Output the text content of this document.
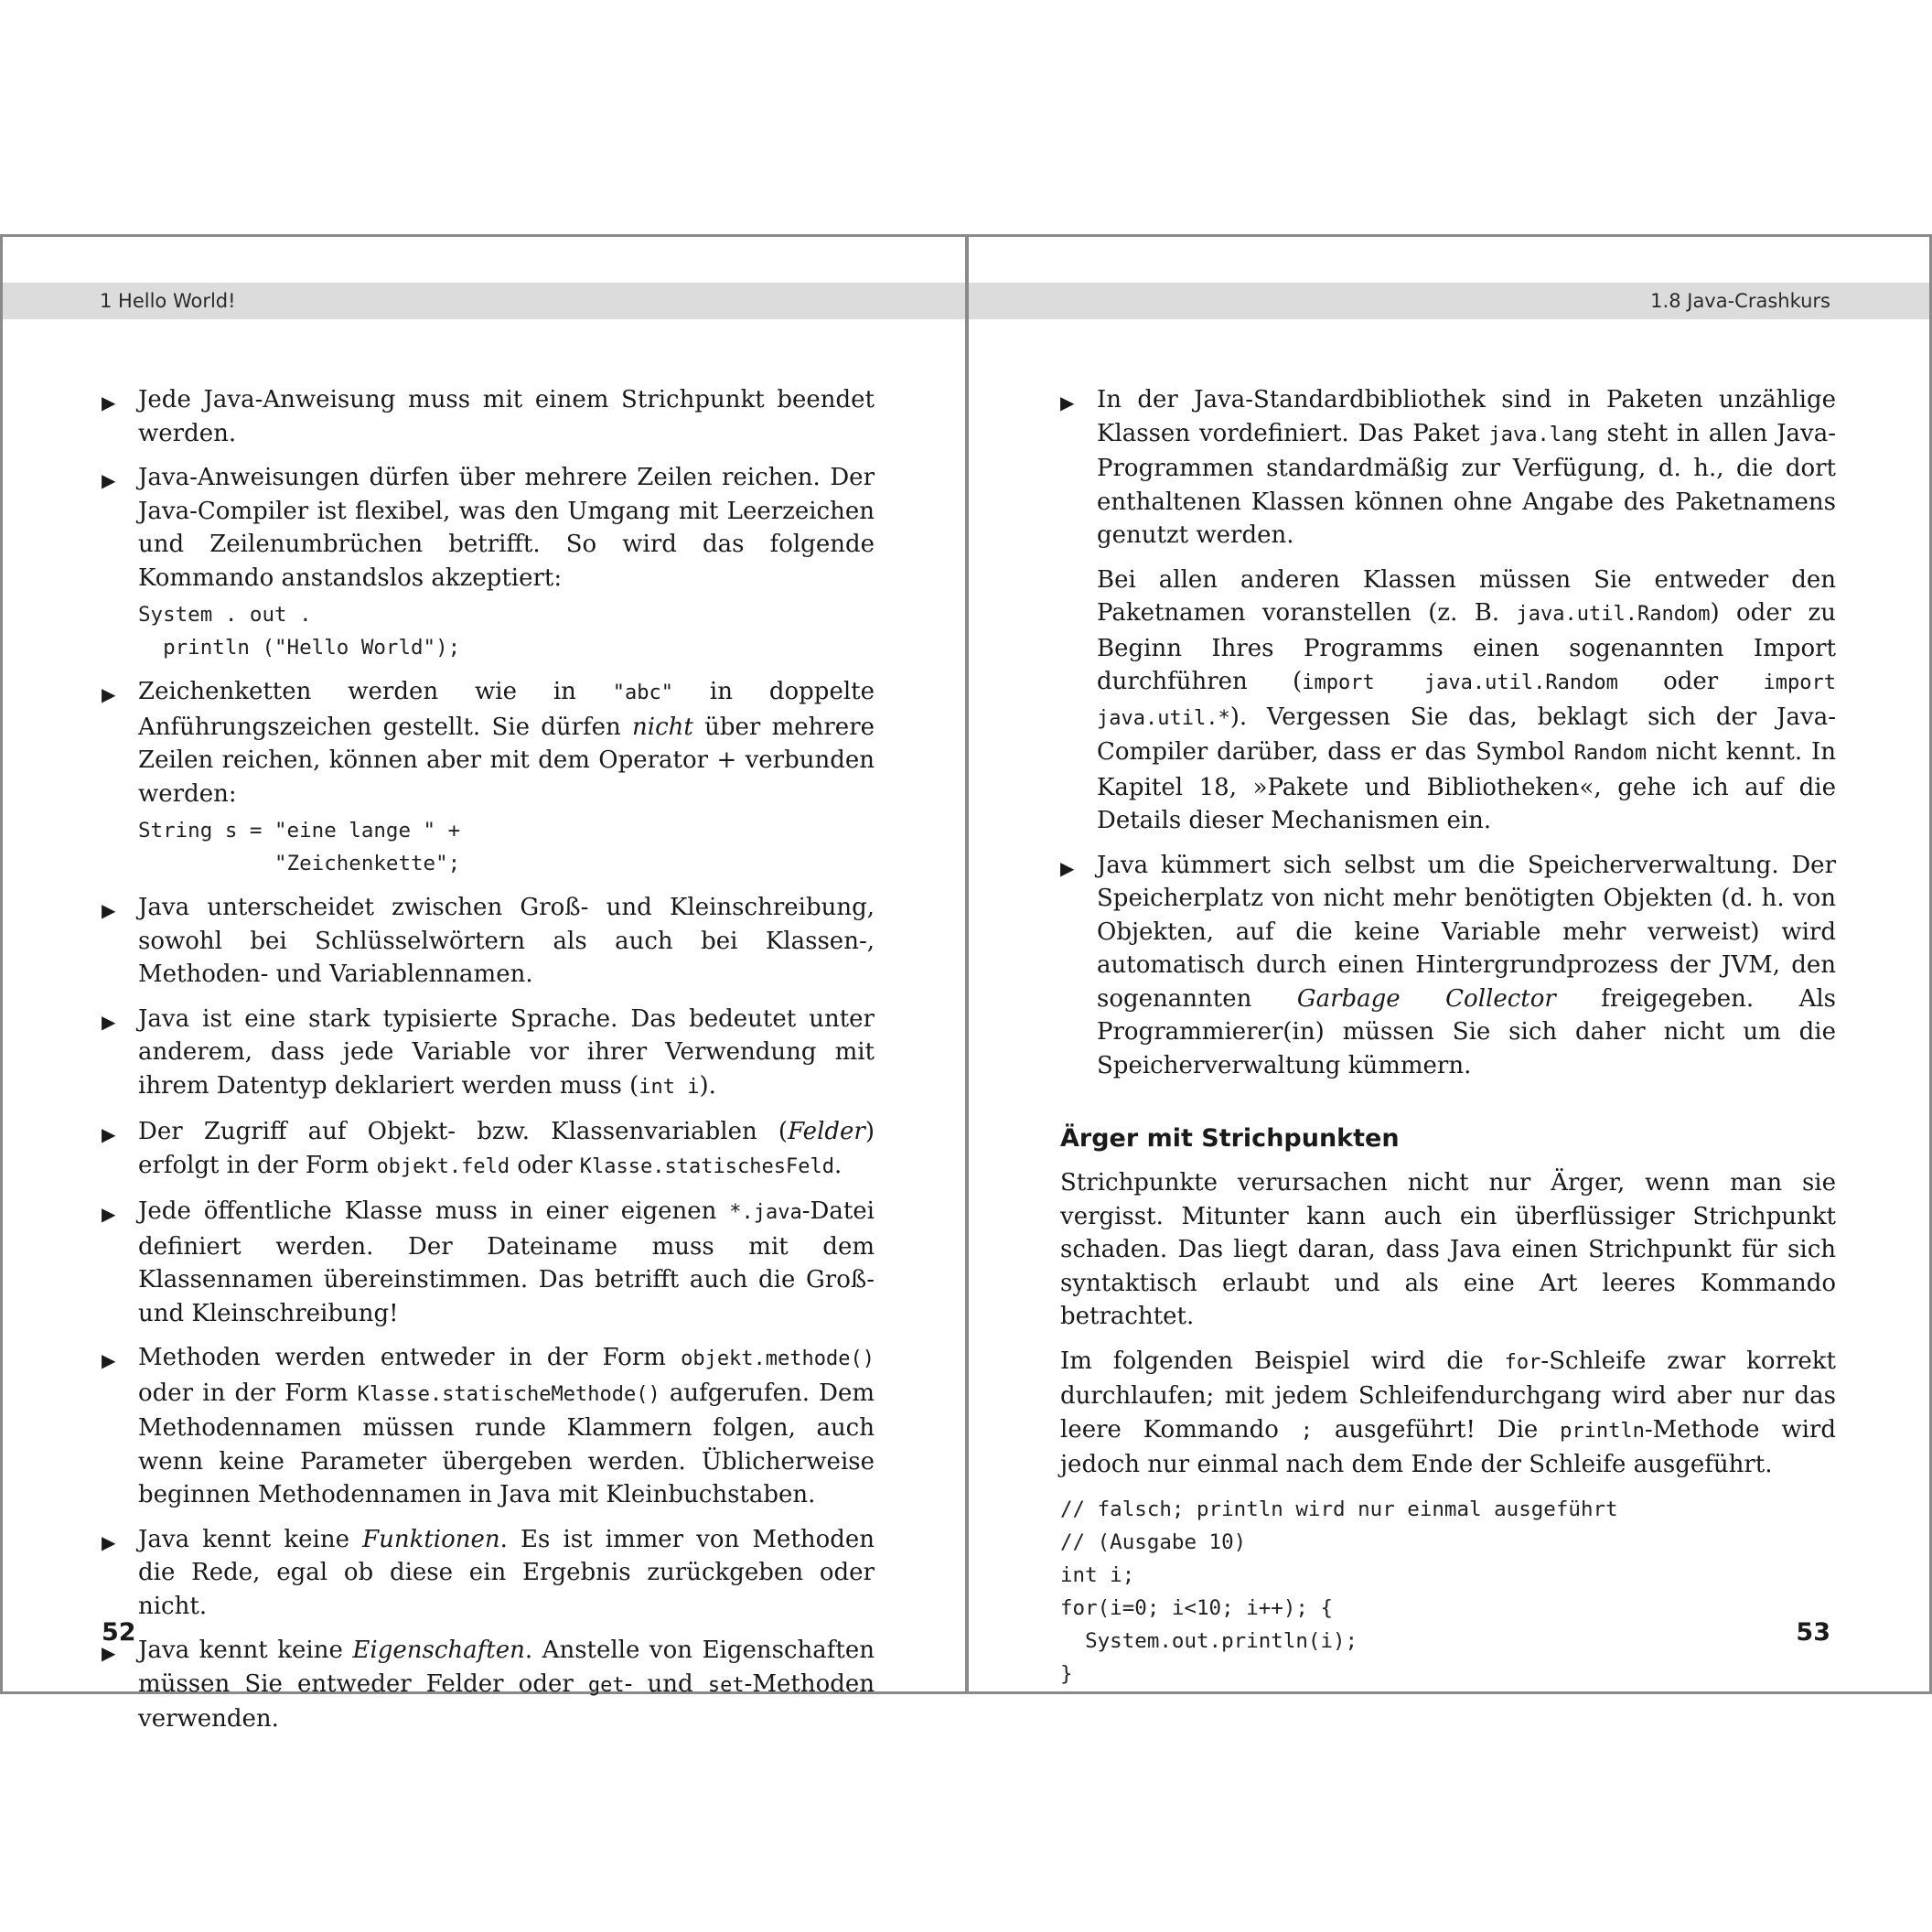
1 Hello World!
▶ Jede Java-Anweisung muss mit einem Strichpunkt beendet werden.
▶ Java-Anweisungen dürfen über mehrere Zeilen reichen. Der Java-Compiler ist flexibel, was den Umgang mit Leerzeichen und Zeilenumbrüchen betrifft. So wird das folgende Kommando anstandslos akzeptiert:
System . out .
println ("Hello World");
▶ Zeichenketten werden wie in "abc" in doppelte Anführungszeichen gestellt. Sie dürfen nicht über mehrere Zeilen reichen, können aber mit dem Operator + verbunden werden:
String s = "eine lange " +
"Zeichenkette";
▶ Java unterscheidet zwischen Groß- und Kleinschreibung, sowohl bei Schlüsselwörtern als auch bei Klassen-, Methoden- und Variablennamen.
▶ Java ist eine stark typisierte Sprache. Das bedeutet unter anderem, dass jede Variable vor ihrer Verwendung mit ihrem Datentyp deklariert werden muss (int i).
▶ Der Zugriff auf Objekt- bzw. Klassenvariablen (Felder) erfolgt in der Form objekt.feld oder Klasse.statischesFeld.
▶ Jede öffentliche Klasse muss in einer eigenen *.java-Datei definiert werden. Der Dateiname muss mit dem Klassennamen übereinstimmen. Das betrifft auch die Groß- und Kleinschreibung!
▶ Methoden werden entweder in der Form objekt.methode() oder in der Form Klasse.statischeMethode() aufgerufen. Dem Methodennamen müssen runde Klammern folgen, auch wenn keine Parameter übergeben werden. Üblicherweise beginnen Methodennamen in Java mit Kleinbuchstaben.
▶ Java kennt keine Funktionen. Es ist immer von Methoden die Rede, egal ob diese ein Ergebnis zurückgeben oder nicht.
▶ Java kennt keine Eigenschaften. Anstelle von Eigenschaften müssen Sie entweder Felder oder get- und set-Methoden verwenden.
52
1.8 Java-Crashkurs
▶ In der Java-Standardbibliothek sind in Paketen unzählige Klassen vordefiniert. Das Paket java.lang steht in allen Java-Programmen standardmäßig zur Verfügung, d. h., die dort enthaltenen Klassen können ohne Angabe des Paketnamens genutzt werden.
Bei allen anderen Klassen müssen Sie entweder den Paketnamen voranstellen (z. B. java.util.Random) oder zu Beginn Ihres Programms einen sogenannten Import durchführen (import java.util.Random oder import java.util.*). Vergessen Sie das, beklagt sich der Java-Compiler darüber, dass er das Symbol Random nicht kennt. In Kapitel 18, »Pakete und Bibliotheken«, gehe ich auf die Details dieser Mechanismen ein.
▶ Java kümmert sich selbst um die Speicherverwaltung. Der Speicherplatz von nicht mehr benötigten Objekten (d. h. von Objekten, auf die keine Variable mehr verweist) wird automatisch durch einen Hintergrundprozess der JVM, den sogenannten Garbage Collector freigegeben. Als Programmierer(in) müssen Sie sich daher nicht um die Speicherverwaltung kümmern.
Ärger mit Strichpunkten

Strichpunkte verursachen nicht nur Ärger, wenn man sie vergisst. Mitunter kann auch ein überflüssiger Strichpunkt schaden. Das liegt daran, dass Java einen Strichpunkt für sich syntaktisch erlaubt und als eine Art leeres Kommando betrachtet.

Im folgenden Beispiel wird die for-Schleife zwar korrekt durchlaufen; mit jedem Schleifendurchgang wird aber nur das leere Kommando ; ausgeführt! Die println-Methode wird jedoch nur einmal nach dem Ende der Schleife ausgeführt.

// falsch; println wird nur einmal ausgeführt
// (Ausgabe 10)
int i;
for(i=0; i<10; i++); {
System.out.println(i);
}
53
